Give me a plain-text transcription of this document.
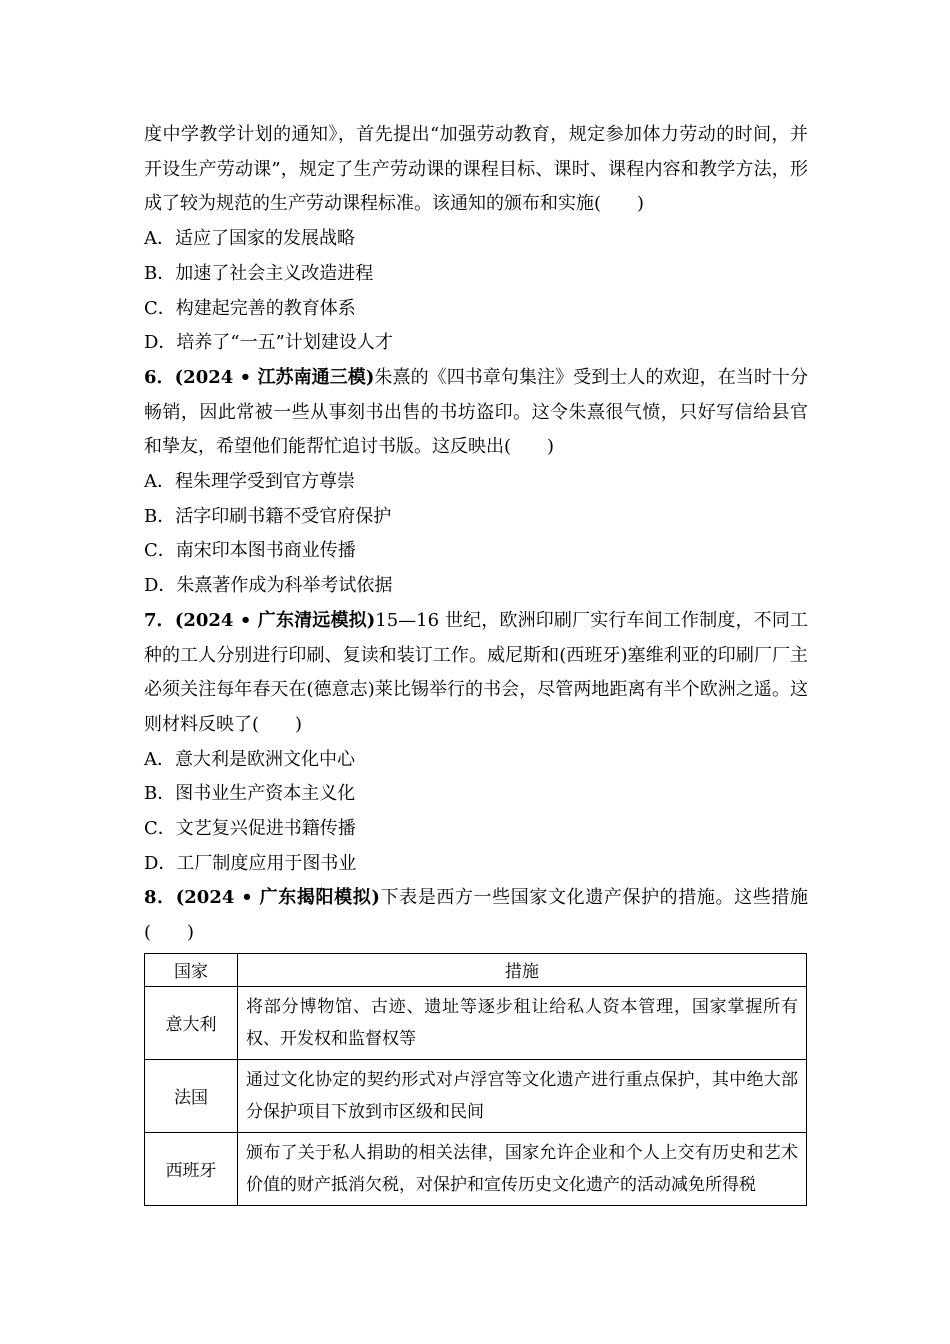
度中学教学计划的通知》，首先提出“加强劳动教育，规定参加体力劳动的时间，并开设生产劳动课”，规定了生产劳动课的课程目标、课时、课程内容和教学方法，形成了较为规范的生产劳动课程标准。该通知的颁布和实施(　　)

A．适应了国家的发展战略

B．加速了社会主义改造进程

C．构建起完善的教育体系

D．培养了“一五”计划建设人才

6．(2024 • 江苏南通三模)朱熹的《四书章句集注》受到士人的欢迎，在当时十分畅销，因此常被一些从事刻书出售的书坊盗印。这令朱熹很气愤，只好写信给县官和挚友，希望他们能帮忙追讨书版。这反映出(　　)

A．程朱理学受到官方尊崇

B．活字印刷书籍不受官府保护

C．南宋印本图书商业传播

D．朱熹著作成为科举考试依据

7．(2024 • 广东清远模拟)15—16 世纪，欧洲印刷厂实行车间工作制度，不同工种的工人分别进行印刷、复读和装订工作。威尼斯和(西班牙)塞维利亚的印刷厂厂主必须关注每年春天在(德意志)莱比锡举行的书会，尽管两地距离有半个欧洲之遥。这则材料反映了(　　)

A．意大利是欧洲文化中心

B．图书业生产资本主义化

C．文艺复兴促进书籍传播

D．工厂制度应用于图书业

8．(2024 • 广东揭阳模拟)下表是西方一些国家文化遗产保护的措施。这些措施(　　)

国家	措施
意大利	将部分博物馆、古迹、遗址等逐步租让给私人资本管理，国家掌握所有权、开发权和监督权等
法国	通过文化协定的契约形式对卢浮宫等文化遗产进行重点保护，其中绝大部分保护项目下放到市区级和民间
西班牙	颁布了关于私人捐助的相关法律，国家允许企业和个人上交有历史和艺术价值的财产抵消欠税，对保护和宣传历史文化遗产的活动减免所得税
